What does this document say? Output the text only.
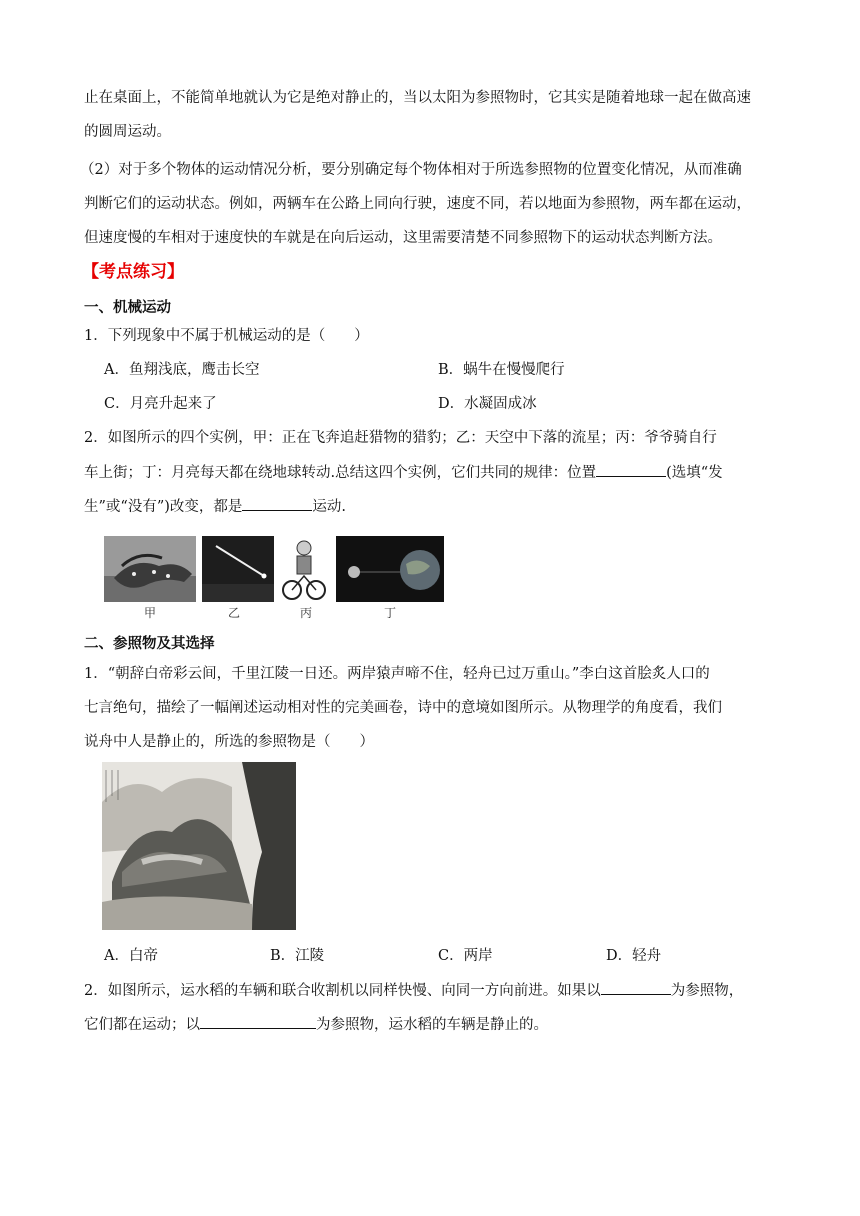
止在桌面上，不能简单地就认为它是绝对静止的，当以太阳为参照物时，它其实是随着地球一起在做高速
的圆周运动。
（2）对于多个物体的运动情况分析，要分别确定每个物体相对于所选参照物的位置变化情况，从而准确
判断它们的运动状态。例如，两辆车在公路上同向行驶，速度不同，若以地面为参照物，两车都在运动，
但速度慢的车相对于速度快的车就是在向后运动，这里需要清楚不同参照物下的运动状态判断方法。
【考点练习】
一、机械运动
1．下列现象中不属于机械运动的是（　　）
A．鱼翔浅底，鹰击长空	B．蜗牛在慢慢爬行
C．月亮升起来了	D．水凝固成冰
2．如图所示的四个实例，甲：正在飞奔追赶猎物的猎豹；乙：天空中下落的流星；丙：爷爷骑自行
车上街；丁：月亮每天都在绕地球转动.总结这四个实例，它们共同的规律：位置	(选填“发
生”或“没有”)改变，都是	运动.
甲	乙	丙	丁
二、参照物及其选择
1．“朝辞白帝彩云间，千里江陵一日还。两岸猿声啼不住，轻舟已过万重山。”李白这首脍炙人口的
七言绝句，描绘了一幅阐述运动相对性的完美画卷，诗中的意境如图所示。从物理学的角度看，我们
说舟中人是静止的，所选的参照物是（　　）
A．白帝	B．江陵	C．两岸	D．轻舟
2．如图所示，运水稻的车辆和联合收割机以同样快慢、向同一方向前进。如果以	为参照物，
它们都在运动；以	为参照物，运水稻的车辆是静止的。
